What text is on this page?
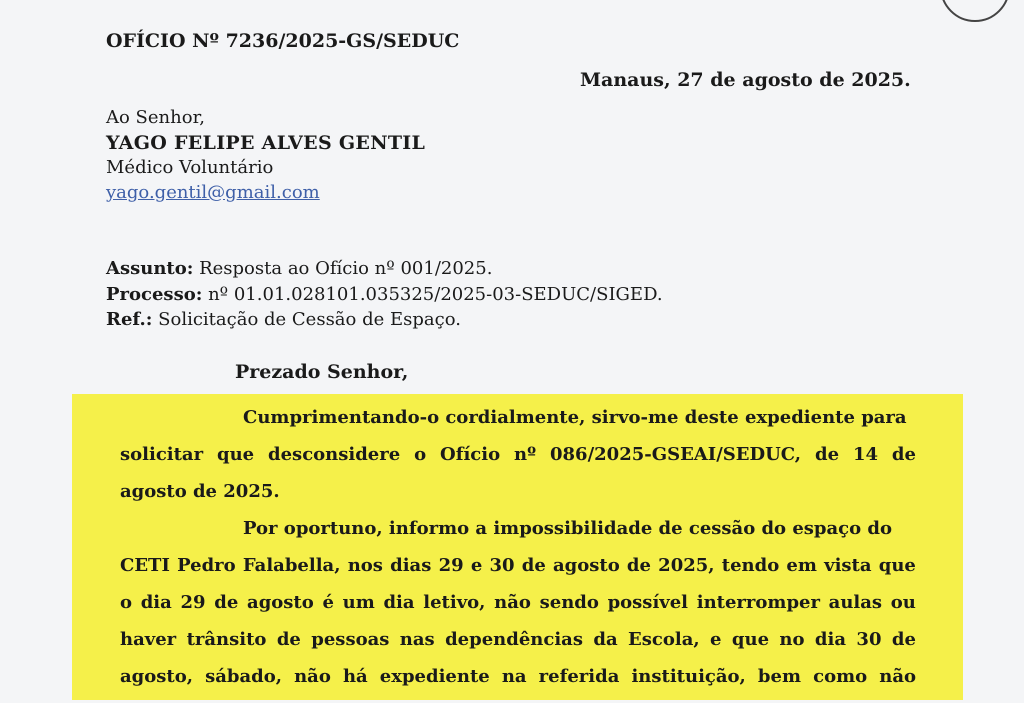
OFÍCIO Nº 7236/2025-GS/SEDUC
Manaus, 27 de agosto de 2025.
Ao Senhor,
YAGO FELIPE ALVES GENTIL
Médico Voluntário
yago.gentil@gmail.com
Assunto: Resposta ao Ofício nº 001/2025.
Processo: nº 01.01.028101.035325/2025-03-SEDUC/SIGED.
Ref.: Solicitação de Cessão de Espaço.
Prezado Senhor,
Cumprimentando-o cordialmente, sirvo-me deste expediente para
solicitar que desconsidere o Ofício nº 086/2025-GSEAI/SEDUC, de 14 de
agosto de 2025.
Por oportuno, informo a impossibilidade de cessão do espaço do
CETI Pedro Falabella, nos dias 29 e 30 de agosto de 2025, tendo em vista que
o dia 29 de agosto é um dia letivo, não sendo possível interromper aulas ou
haver trânsito de pessoas nas dependências da Escola, e que no dia 30 de
agosto, sábado, não há expediente na referida instituição, bem como não
